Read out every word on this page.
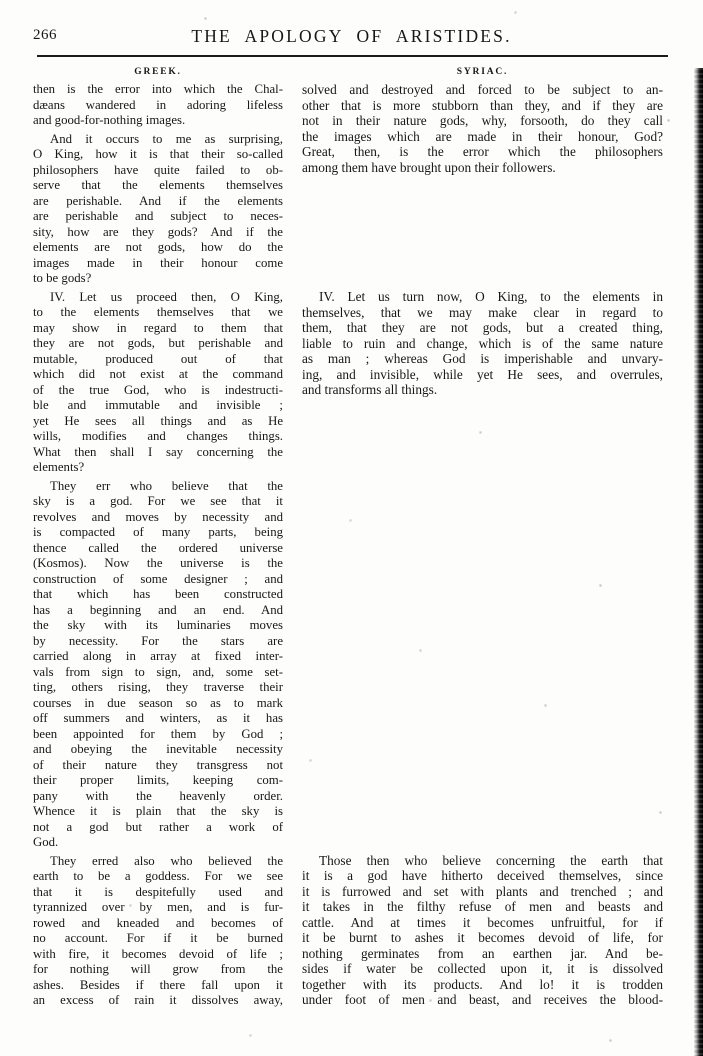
266	THE APOLOGY OF ARISTIDES.
GREEK.	SYRIAC.
then is the error into which the Chal-
dæans wandered in adoring lifeless
and good-for-nothing images.
And it occurs to me as surprising,
O King, how it is that their so-called
philosophers have quite failed to ob-
serve that the elements themselves
are perishable. And if the elements
are perishable and subject to neces-
sity, how are they gods? And if the
elements are not gods, how do the
images made in their honour come
to be gods?
IV. Let us proceed then, O King,
to the elements themselves that we
may show in regard to them that
they are not gods, but perishable and
mutable, produced out of that
which did not exist at the command
of the true God, who is indestructi-
ble and immutable and invisible ;
yet He sees all things and as He
wills, modifies and changes things.
What then shall I say concerning the
elements?
They err who believe that the
sky is a god. For we see that it
revolves and moves by necessity and
is compacted of many parts, being
thence called the ordered universe
(Kosmos). Now the universe is the
construction of some designer ; and
that which has been constructed
has a beginning and an end. And
the sky with its luminaries moves
by necessity. For the stars are
carried along in array at fixed inter-
vals from sign to sign, and, some set-
ting, others rising, they traverse their
courses in due season so as to mark
off summers and winters, as it has
been appointed for them by God ;
and obeying the inevitable necessity
of their nature they transgress not
their proper limits, keeping com-
pany with the heavenly order.
Whence it is plain that the sky is
not a god but rather a work of
God.
They erred also who believed the
earth to be a goddess. For we see
that it is despitefully used and
tyrannized over by men, and is fur-
rowed and kneaded and becomes of
no account. For if it be burned
with fire, it becomes devoid of life ;
for nothing will grow from the
ashes. Besides if there fall upon it
an excess of rain it dissolves away,
solved and destroyed and forced to be subject to an-
other that is more stubborn than they, and if they are
not in their nature gods, why, forsooth, do they call
the images which are made in their honour, God?
Great, then, is the error which the philosophers
among them have brought upon their followers.
IV. Let us turn now, O King, to the elements in
themselves, that we may make clear in regard to
them, that they are not gods, but a created thing,
liable to ruin and change, which is of the same nature
as man ; whereas God is imperishable and unvary-
ing, and invisible, while yet He sees, and overrules,
and transforms all things.
Those then who believe concerning the earth that
it is a god have hitherto deceived themselves, since
it is furrowed and set with plants and trenched ; and
it takes in the filthy refuse of men and beasts and
cattle. And at times it becomes unfruitful, for if
it be burnt to ashes it becomes devoid of life, for
nothing germinates from an earthen jar. And be-
sides if water be collected upon it, it is dissolved
together with its products. And lo! it is trodden
under foot of men and beast, and receives the blood-
